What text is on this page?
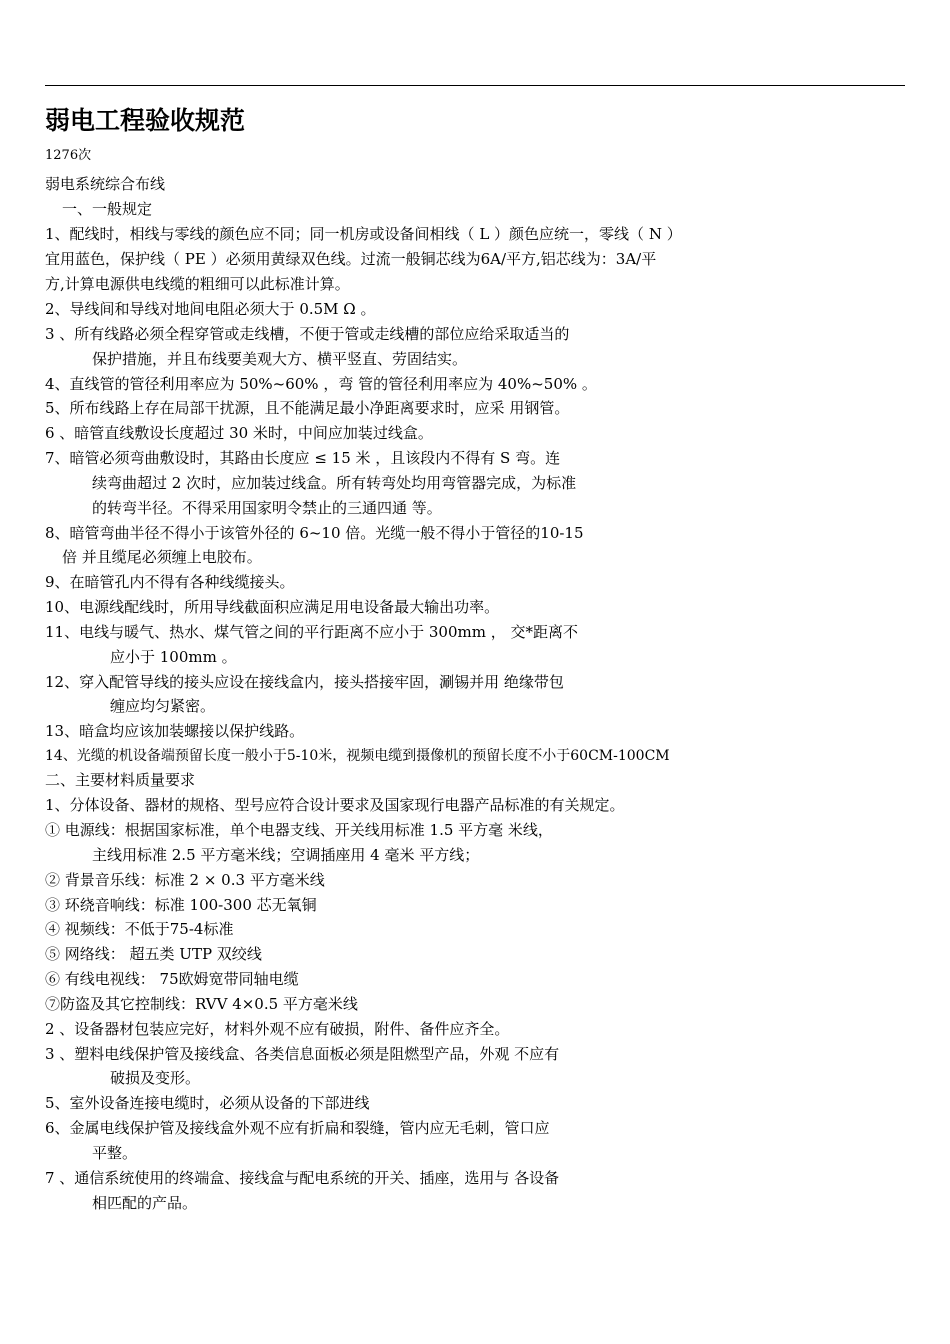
弱电工程验收规范
1276次
弱电系统综合布线
一、一般规定
1、配线时，相线与零线的颜色应不同；同一机房或设备间相线（ L ）颜色应统一，零线（ N ）
宜用蓝色，保护线（ PE ）必须用黄绿双色线。过流一般铜芯线为6A/平方,铝芯线为：3A/平
方,计算电源供电线缆的粗细可以此标准计算。
2、导线间和导线对地间电阻必须大于 0.5M Ω 。
3 、所有线路必须全程穿管或走线槽，不便于管或走线槽的部位应给采取适当的
保护措施，并且布线要美观大方、横平竖直、劳固结实。
4、直线管的管径利用率应为 50%~60% ，弯 管的管径利用率应为 40%~50% 。
5、所布线路上存在局部干扰源，且不能满足最小净距离要求时，应采 用钢管。
6 、暗管直线敷设长度超过 30 米时，中间应加装过线盒。
7、暗管必须弯曲敷设时，其路由长度应 ≤ 15 米 ，且该段内不得有 S 弯。连
续弯曲超过 2 次时，应加装过线盒。所有转弯处均用弯管器完成，为标准
的转弯半径。不得采用国家明令禁止的三通四通 等。
8、暗管弯曲半径不得小于该管外径的 6~10 倍。光缆一般不得小于管径的10-15
倍 并且缆尾必须缠上电胶布。
9、在暗管孔内不得有各种线缆接头。
10、电源线配线时，所用导线截面积应满足用电设备最大输出功率。
11、电线与暖气、热水、煤气管之间的平行距离不应小于 300mm ， 交*距离不
应小于 100mm 。
12、穿入配管导线的接头应设在接线盒内，接头搭接牢固，涮锡并用 绝缘带包
缠应均匀紧密。
13、暗盒均应该加装螺接以保护线路。
14、光缆的机设备端预留长度一般小于5-10米，视频电缆到摄像机的预留长度不小于60CM-100CM
二、主要材料质量要求
1、分体设备、器材的规格、型号应符合设计要求及国家现行电器产品标准的有关规定。
① 电源线：根据国家标准，单个电器支线、开关线用标准 1.5 平方毫 米线，
主线用标准 2.5 平方毫米线；空调插座用 4 毫米 平方线；
② 背景音乐线：标准 2 × 0.3 平方毫米线
③ 环绕音响线：标准 100-300 芯无氧铜
④ 视频线：不低于75-4标准
⑤ 网络线： 超五类 UTP 双绞线
⑥ 有线电视线： 75欧姆宽带同轴电缆
⑦防盗及其它控制线：RVV 4×0.5 平方毫米线
2 、设备器材包装应完好，材料外观不应有破损，附件、备件应齐全。
3 、塑料电线保护管及接线盒、各类信息面板必须是阻燃型产品，外观 不应有
破损及变形。
5、室外设备连接电缆时，必须从设备的下部进线
6、金属电线保护管及接线盒外观不应有折扁和裂缝，管内应无毛刺，管口应
平整。
7 、通信系统使用的终端盒、接线盒与配电系统的开关、插座，选用与 各设备
相匹配的产品。
